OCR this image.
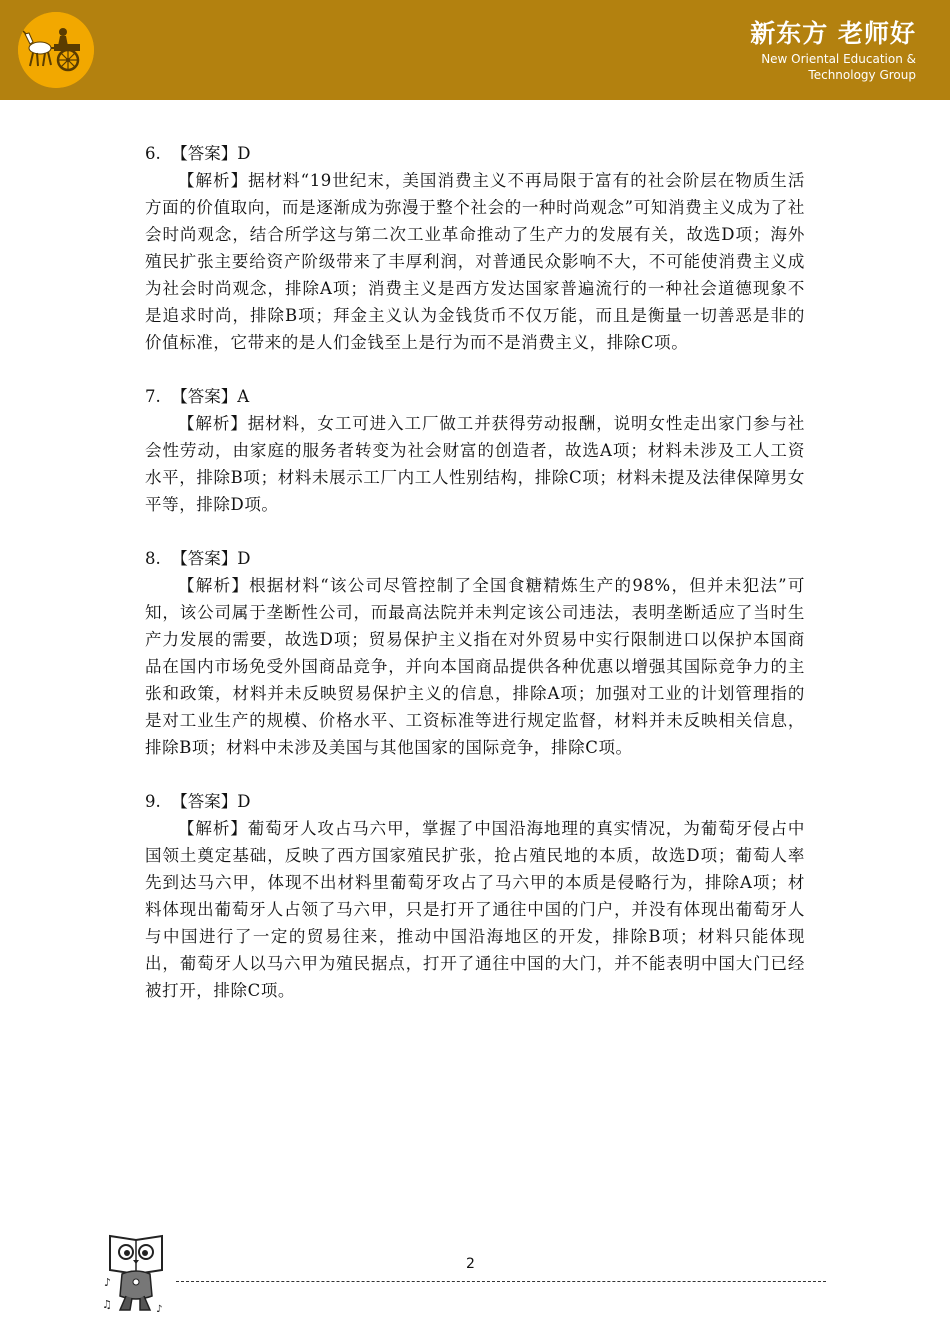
新东方 老师好
New Oriental Education &
Technology Group
6. 【答案】D
【解析】据材料“19世纪末，美国消费主义不再局限于富有的社会阶层在物质生活方面的价值取向，而是逐渐成为弥漫于整个社会的一种时尚观念”可知消费主义成为了社会时尚观念，结合所学这与第二次工业革命推动了生产力的发展有关，故选D项；海外殖民扩张主要给资产阶级带来了丰厚利润，对普通民众影响不大，不可能使消费主义成为社会时尚观念，排除A项；消费主义是西方发达国家普遍流行的一种社会道德现象不是追求时尚，排除B项；拜金主义认为金钱货币不仅万能，而且是衡量一切善恶是非的价值标准，它带来的是人们金钱至上是行为而不是消费主义，排除C项。
7. 【答案】A
【解析】据材料，女工可进入工厂做工并获得劳动报酬，说明女性走出家门参与社会性劳动，由家庭的服务者转变为社会财富的创造者，故选A项；材料未涉及工人工资水平，排除B项；材料未展示工厂内工人性别结构，排除C项；材料未提及法律保障男女平等，排除D项。
8. 【答案】D
【解析】根据材料“该公司尽管控制了全国食糖精炼生产的98%，但并未犯法”可知，该公司属于垄断性公司，而最高法院并未判定该公司违法，表明垄断适应了当时生产力发展的需要，故选D项；贸易保护主义指在对外贸易中实行限制进口以保护本国商品在国内市场免受外国商品竞争，并向本国商品提供各种优惠以增强其国际竞争力的主张和政策，材料并未反映贸易保护主义的信息，排除A项；加强对工业的计划管理指的是对工业生产的规模、价格水平、工资标准等进行规定监督，材料并未反映相关信息，排除B项；材料中未涉及美国与其他国家的国际竞争，排除C项。
9. 【答案】D
【解析】葡萄牙人攻占马六甲，掌握了中国沿海地理的真实情况，为葡萄牙侵占中国领土奠定基础，反映了西方国家殖民扩张，抢占殖民地的本质，故选D项；葡萄人率先到达马六甲，体现不出材料里葡萄牙攻占了马六甲的本质是侵略行为，排除A项；材料体现出葡萄牙人占领了马六甲，只是打开了通往中国的门户，并没有体现出葡萄牙人与中国进行了一定的贸易往来，推动中国沿海地区的开发，排除B项；材料只能体现出，葡萄牙人以马六甲为殖民据点，打开了通往中国的大门，并不能表明中国大门已经被打开，排除C项。
♪
♫	♪
2
